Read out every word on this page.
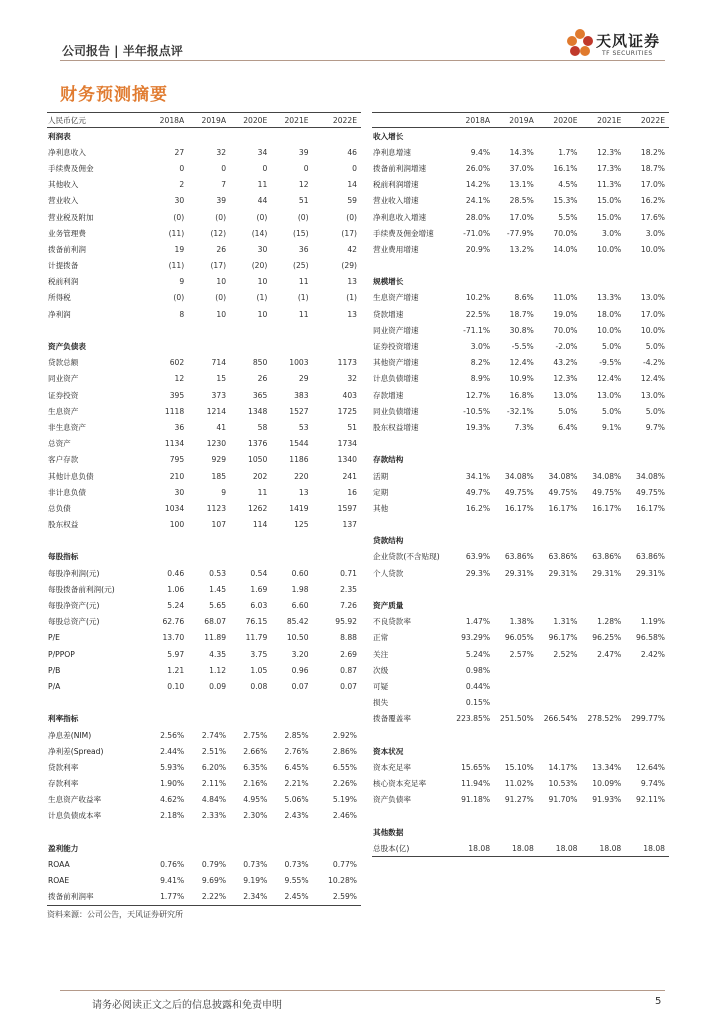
公司报告 | 半年报点评
天风证券
TF SECURITIES
财务预测摘要
人民币亿元	2018A	2019A	2020E	2021E	2022E
利润表					
净利息收入	27	32	34	39	46
手续费及佣金	0	0	0	0	0
其他收入	2	7	11	12	14
营业收入	30	39	44	51	59
营业税及附加	(0)	(0)	(0)	(0)	(0)
业务管理费	(11)	(12)	(14)	(15)	(17)
拨备前利润	19	26	30	36	42
计提拨备	(11)	(17)	(20)	(25)	(29)
税前利润	9	10	10	11	13
所得税	(0)	(0)	(1)	(1)	(1)
净利润	8	10	10	11	13

资产负债表					
贷款总额	602	714	850	1003	1173
同业资产	12	15	26	29	32
证券投资	395	373	365	383	403
生息资产	1118	1214	1348	1527	1725
非生息资产	36	41	58	53	51
总资产	1134	1230	1376	1544	1734
客户存款	795	929	1050	1186	1340
其他计息负债	210	185	202	220	241
非计息负债	30	9	11	13	16
总负债	1034	1123	1262	1419	1597
股东权益	100	107	114	125	137

每股指标					
每股净利润(元)	0.46	0.53	0.54	0.60	0.71
每股拨备前利润(元)	1.06	1.45	1.69	1.98	2.35
每股净资产(元)	5.24	5.65	6.03	6.60	7.26
每股总资产(元)	62.76	68.07	76.15	85.42	95.92
P/E	13.70	11.89	11.79	10.50	8.88
P/PPOP	5.97	4.35	3.75	3.20	2.69
P/B	1.21	1.12	1.05	0.96	0.87
P/A	0.10	0.09	0.08	0.07	0.07

利率指标					
净息差(NIM)	2.56%	2.74%	2.75%	2.85%	2.92%
净利差(Spread)	2.44%	2.51%	2.66%	2.76%	2.86%
贷款利率	5.93%	6.20%	6.35%	6.45%	6.55%
存款利率	1.90%	2.11%	2.16%	2.21%	2.26%
生息资产收益率	4.62%	4.84%	4.95%	5.06%	5.19%
计息负债成本率	2.18%	2.33%	2.30%	2.43%	2.46%

盈利能力					
ROAA	0.76%	0.79%	0.73%	0.73%	0.77%
ROAE	9.41%	9.69%	9.19%	9.55%	10.28%
拨备前利润率	1.77%	2.22%	2.34%	2.45%	2.59%
	2018A	2019A	2020E	2021E	2022E
收入增长					
净利息增速	9.4%	14.3%	1.7%	12.3%	18.2%
拨备前利润增速	26.0%	37.0%	16.1%	17.3%	18.7%
税前利润增速	14.2%	13.1%	4.5%	11.3%	17.0%
营业收入增速	24.1%	28.5%	15.3%	15.0%	16.2%
净利息收入增速	28.0%	17.0%	5.5%	15.0%	17.6%
手续费及佣金增速	-71.0%	-77.9%	70.0%	3.0%	3.0%
营业费用增速	20.9%	13.2%	14.0%	10.0%	10.0%

规模增长					
生息资产增速	10.2%	8.6%	11.0%	13.3%	13.0%
贷款增速	22.5%	18.7%	19.0%	18.0%	17.0%
同业资产增速	-71.1%	30.8%	70.0%	10.0%	10.0%
证券投资增速	3.0%	-5.5%	-2.0%	5.0%	5.0%
其他资产增速	8.2%	12.4%	43.2%	-9.5%	-4.2%
计息负债增速	8.9%	10.9%	12.3%	12.4%	12.4%
存款增速	12.7%	16.8%	13.0%	13.0%	13.0%
同业负债增速	-10.5%	-32.1%	5.0%	5.0%	5.0%
股东权益增速	19.3%	7.3%	6.4%	9.1%	9.7%

存款结构					
活期	34.1%	34.08%	34.08%	34.08%	34.08%
定期	49.7%	49.75%	49.75%	49.75%	49.75%
其他	16.2%	16.17%	16.17%	16.17%	16.17%

贷款结构					
企业贷款(不含贴现)	63.9%	63.86%	63.86%	63.86%	63.86%
个人贷款	29.3%	29.31%	29.31%	29.31%	29.31%

资产质量					
不良贷款率	1.47%	1.38%	1.31%	1.28%	1.19%
正常	93.29%	96.05%	96.17%	96.25%	96.58%
关注	5.24%	2.57%	2.52%	2.47%	2.42%
次级	0.98%				
可疑	0.44%				
损失	0.15%				
拨备覆盖率	223.85%	251.50%	266.54%	278.52%	299.77%

资本状况					
资本充足率	15.65%	15.10%	14.17%	13.34%	12.64%
核心资本充足率	11.94%	11.02%	10.53%	10.09%	9.74%
资产负债率	91.18%	91.27%	91.70%	91.93%	92.11%

其他数据					
总股本(亿)	18.08	18.08	18.08	18.08	18.08
资料来源：公司公告，天风证券研究所
请务必阅读正文之后的信息披露和免责申明	5
